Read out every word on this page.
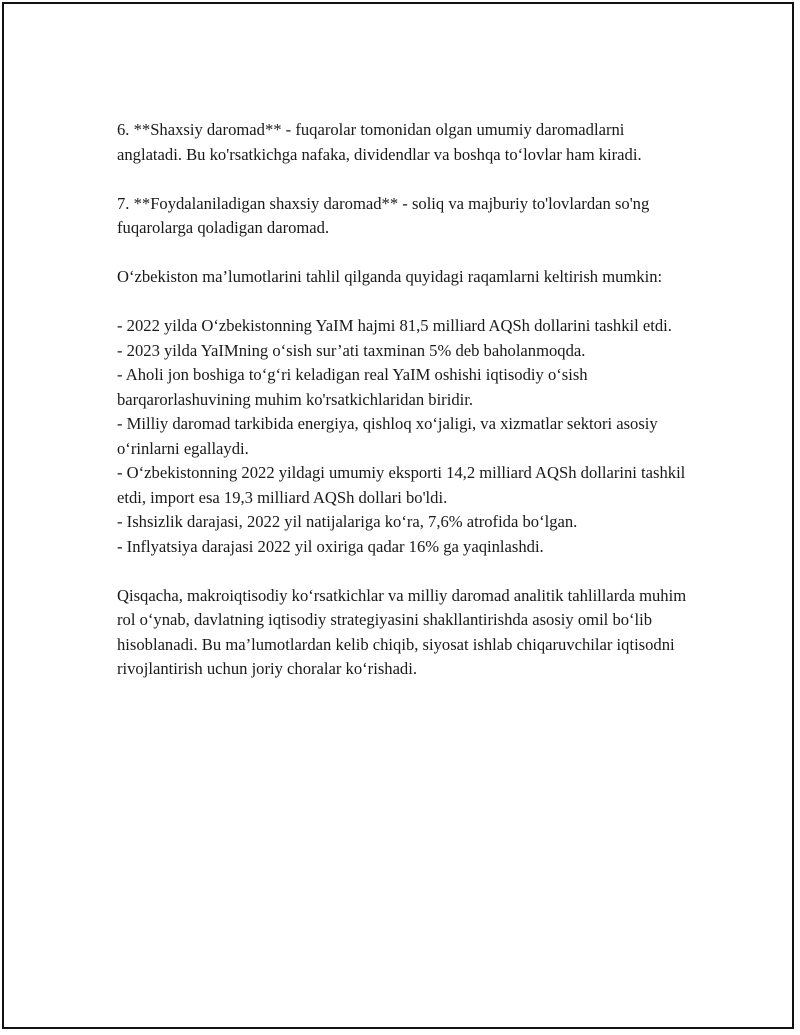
6. **Shaxsiy daromad** - fuqarolar tomonidan olgan umumiy daromadlarni anglatadi. Bu ko'rsatkichga nafaka, dividendlar va boshqa to‘lovlar ham kiradi.

7. **Foydalaniladigan shaxsiy daromad** - soliq va majburiy to'lovlardan so'ng fuqarolarga qoladigan daromad.

O‘zbekiston ma’lumotlarini tahlil qilganda quyidagi raqamlarni keltirish mumkin:

- 2022 yilda O‘zbekistonning YaIM hajmi 81,5 milliard AQSh dollarini tashkil etdi.
- 2023 yilda YaIMning o‘sish sur’ati taxminan 5% deb baholanmoqda.
- Aholi jon boshiga to‘g‘ri keladigan real YaIM oshishi iqtisodiy o‘sish barqarorlashuvining muhim ko'rsatkichlaridan biridir.
- Milliy daromad tarkibida energiya, qishloq xo‘jaligi, va xizmatlar sektori asosiy o‘rinlarni egallaydi.
- O‘zbekistonning 2022 yildagi umumiy eksporti 14,2 milliard AQSh dollarini tashkil etdi, import esa 19,3 milliard AQSh dollari bo'ldi.
- Ishsizlik darajasi, 2022 yil natijalariga ko‘ra, 7,6% atrofida bo‘lgan.
- Inflyatsiya darajasi 2022 yil oxiriga qadar 16% ga yaqinlashdi.

Qisqacha, makroiqtisodiy ko‘rsatkichlar va milliy daromad analitik tahlillarda muhim rol o‘ynab, davlatning iqtisodiy strategiyasini shakllantirishda asosiy omil bo‘lib hisoblanadi. Bu ma’lumotlardan kelib chiqib, siyosat ishlab chiqaruvchilar iqtisodni rivojlantirish uchun joriy choralar ko‘rishadi.
